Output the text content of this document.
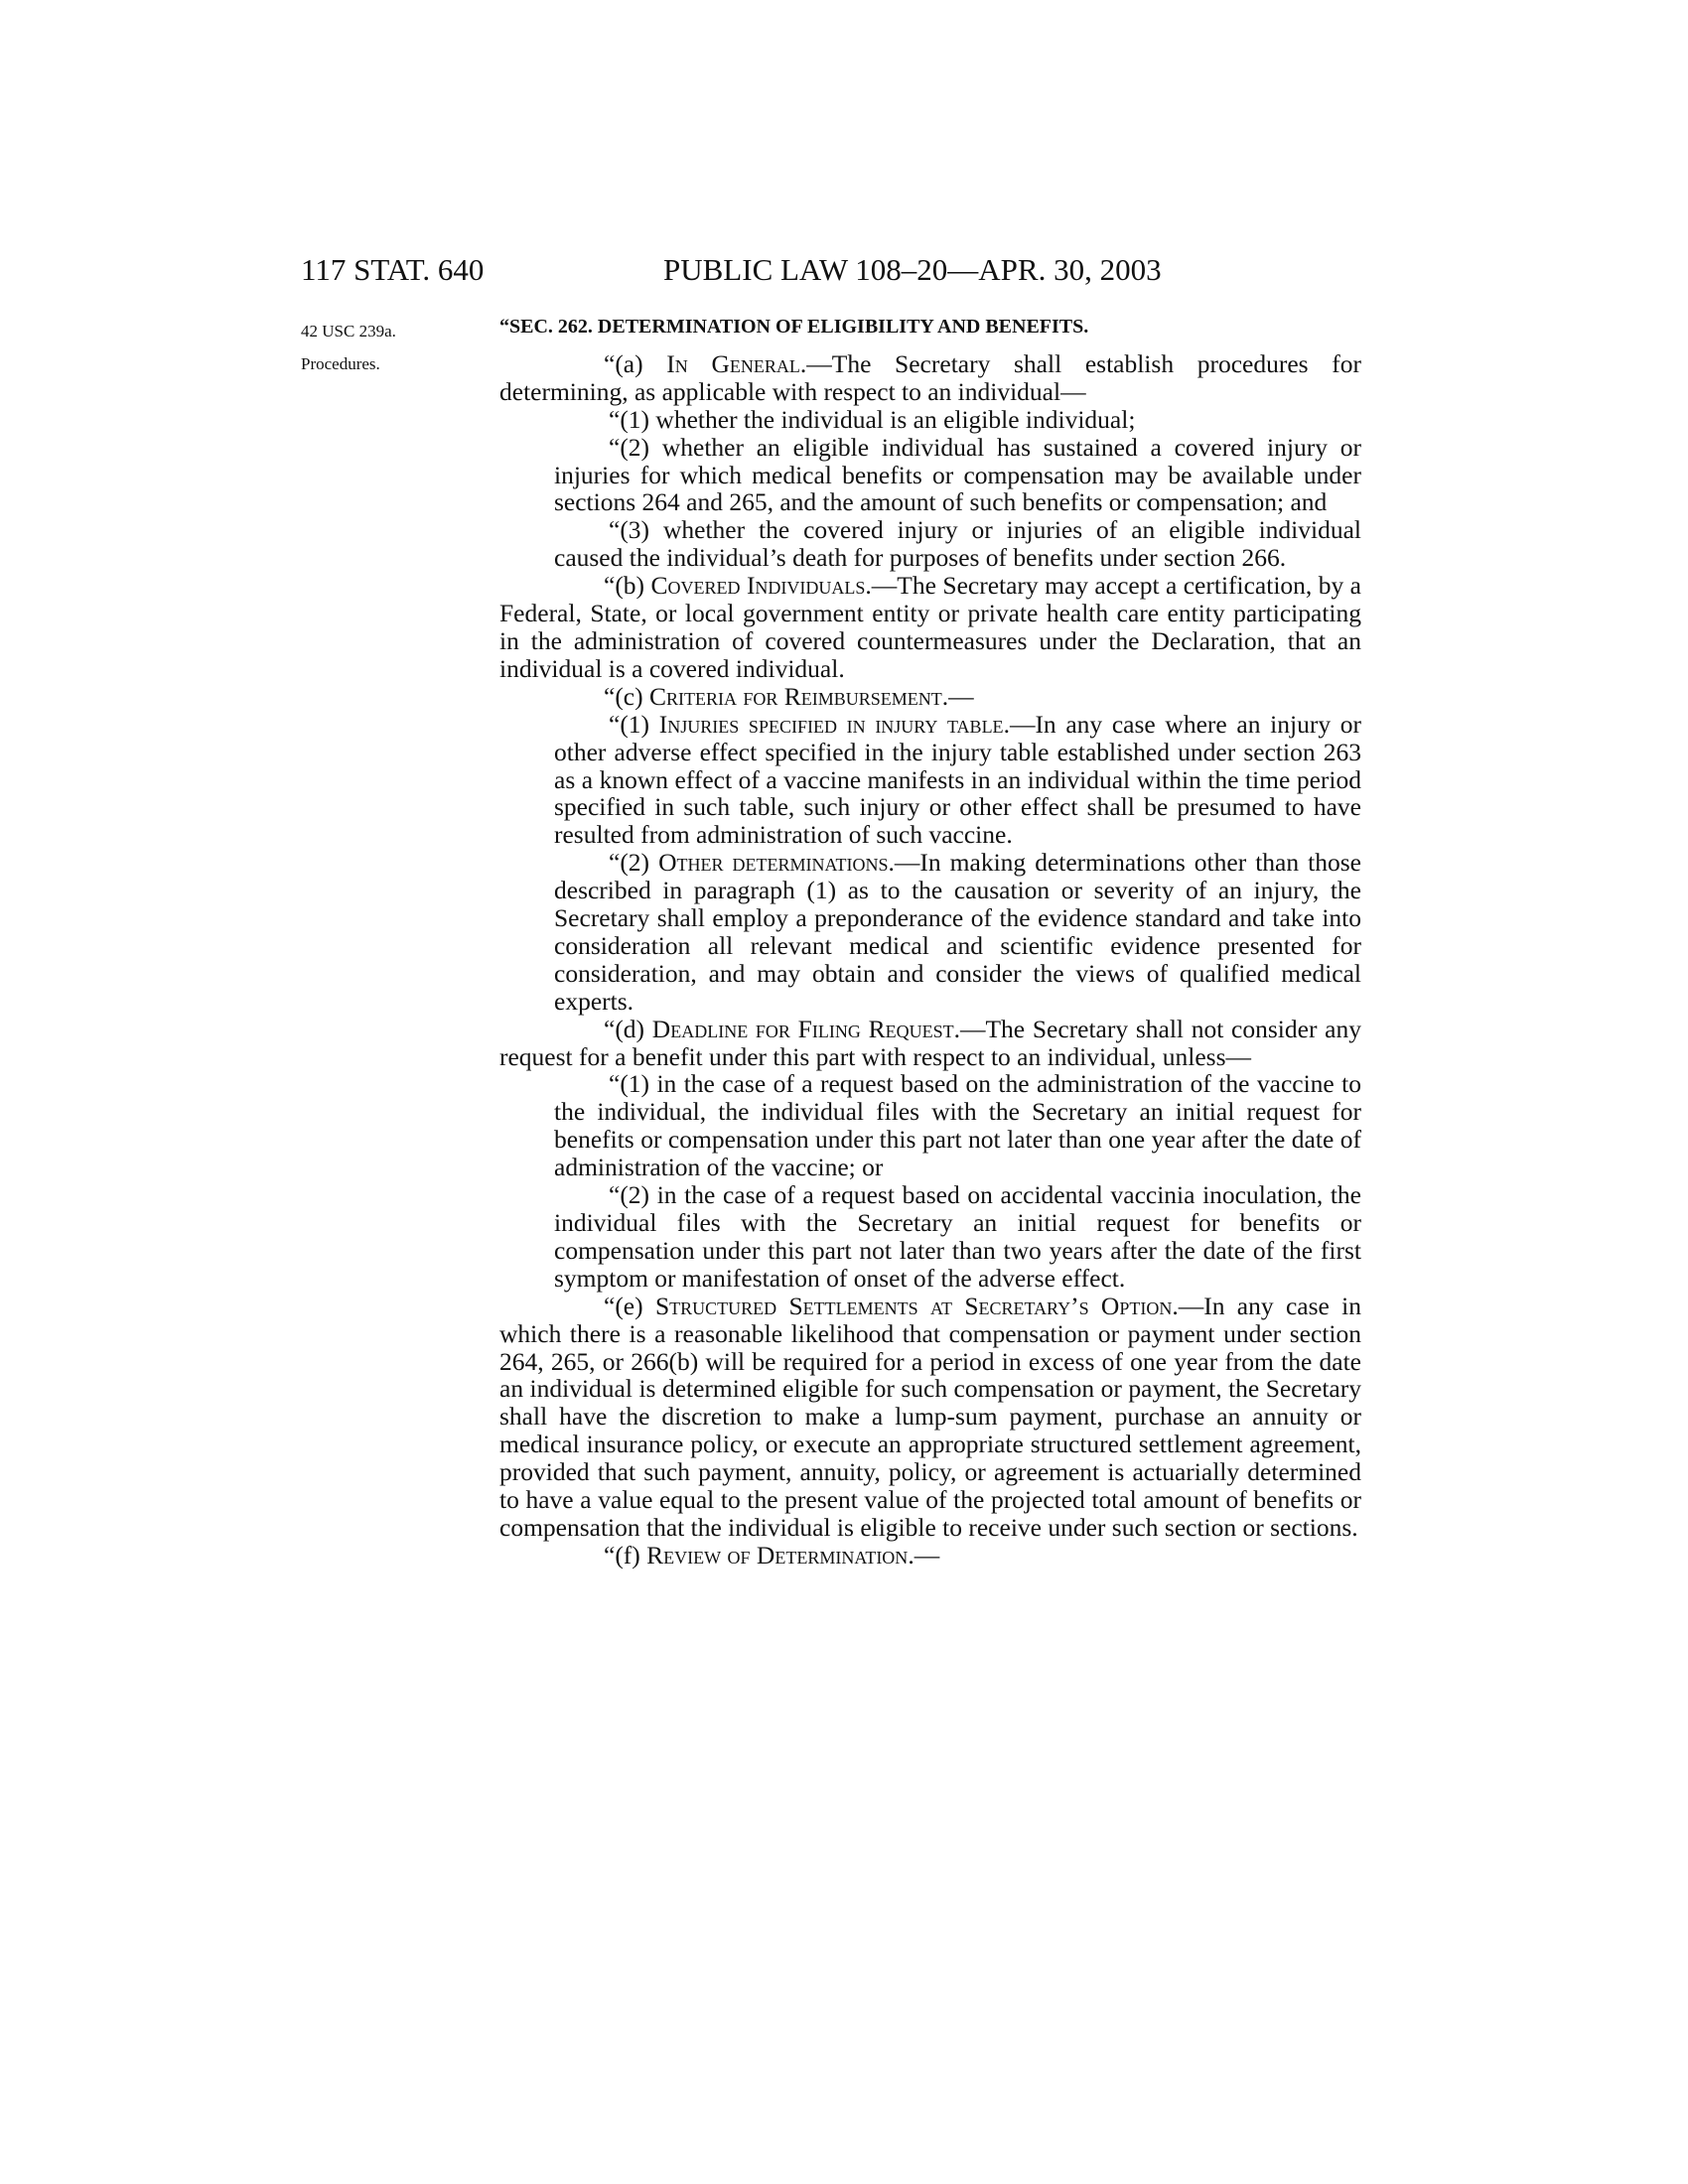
117 STAT. 640	PUBLIC LAW 108–20—APR. 30, 2003
42 USC 239a.
Procedures.
“SEC. 262. DETERMINATION OF ELIGIBILITY AND BENEFITS.

“(a) In General.—The Secretary shall establish procedures for determining, as applicable with respect to an individual—

“(1) whether the individual is an eligible individual;

“(2) whether an eligible individual has sustained a covered injury or injuries for which medical benefits or compensation may be available under sections 264 and 265, and the amount of such benefits or compensation; and

“(3) whether the covered injury or injuries of an eligible individual caused the individual’s death for purposes of benefits under section 266.

“(b) Covered Individuals.—The Secretary may accept a certification, by a Federal, State, or local government entity or private health care entity participating in the administration of covered countermeasures under the Declaration, that an individual is a covered individual.

“(c) Criteria for Reimbursement.—

“(1) Injuries specified in injury table.—In any case where an injury or other adverse effect specified in the injury table established under section 263 as a known effect of a vaccine manifests in an individual within the time period specified in such table, such injury or other effect shall be presumed to have resulted from administration of such vaccine.

“(2) Other determinations.—In making determinations other than those described in paragraph (1) as to the causation or severity of an injury, the Secretary shall employ a preponderance of the evidence standard and take into consideration all relevant medical and scientific evidence presented for consideration, and may obtain and consider the views of qualified medical experts.

“(d) Deadline for Filing Request.—The Secretary shall not consider any request for a benefit under this part with respect to an individual, unless—

“(1) in the case of a request based on the administration of the vaccine to the individual, the individual files with the Secretary an initial request for benefits or compensation under this part not later than one year after the date of administration of the vaccine; or

“(2) in the case of a request based on accidental vaccinia inoculation, the individual files with the Secretary an initial request for benefits or compensation under this part not later than two years after the date of the first symptom or manifestation of onset of the adverse effect.

“(e) Structured Settlements at Secretary’s Option.—In any case in which there is a reasonable likelihood that compensation or payment under section 264, 265, or 266(b) will be required for a period in excess of one year from the date an individual is determined eligible for such compensation or payment, the Secretary shall have the discretion to make a lump-sum payment, purchase an annuity or medical insurance policy, or execute an appropriate structured settlement agreement, provided that such payment, annuity, policy, or agreement is actuarially determined to have a value equal to the present value of the projected total amount of benefits or compensation that the individual is eligible to receive under such section or sections.

“(f) Review of Determination.—
